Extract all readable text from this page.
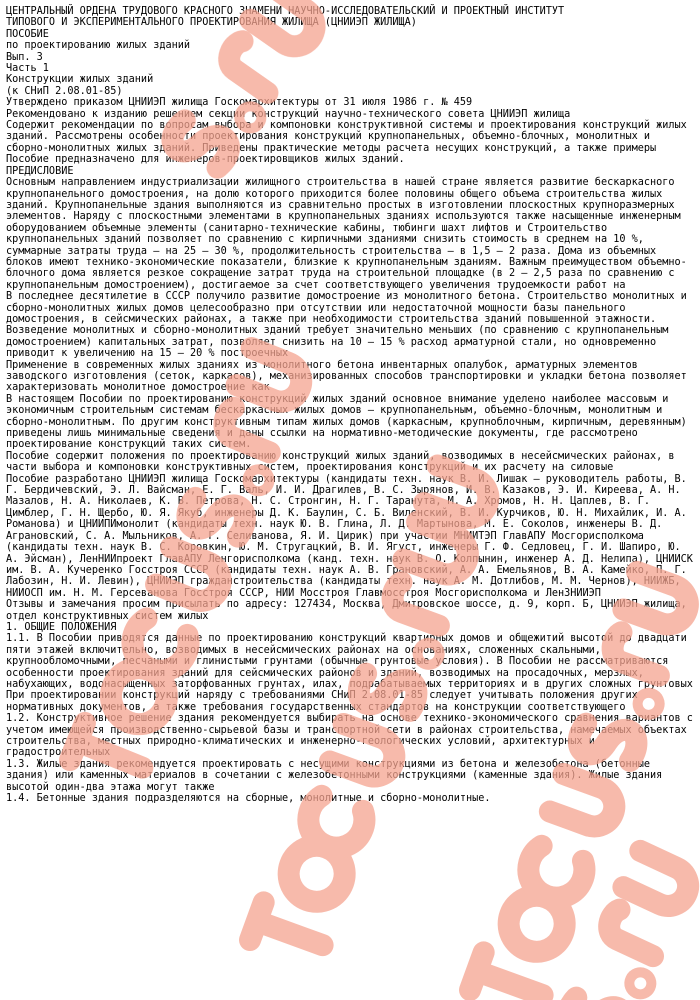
ЦЕНТРАЛЬНЫЙ ОРДЕНА ТРУДОВОГО КРАСНОГО ЗНАМЕНИ НАУЧНО-ИССЛЕДОВАТЕЛЬСКИЙ И ПРОЕКТНЫЙ ИНСТИТУТ
ТИПОВОГО И ЭКСПЕРИМЕНТАЛЬНОГО ПРОЕКТИРОВАНИЯ ЖИЛИЩА (ЦНИИЭП ЖИЛИЩА)
ПОСОБИЕ
по проектированию жилых зданий
Вып. 3
Часть 1
Конструкции жилых зданий
(к СНиП 2.08.01-85)
Утверждено приказом ЦНИИЭП жилища Госкомархитектуры от 31 июля 1986 г. № 459
Рекомендовано к изданию решением секции конструкций научно-технического совета ЦНИИЭП жилища
Содержит рекомендации по вопросам выбора и компоновки конструктивной системы и проектирования конструкций жилых зданий. Рассмотрены особенности проектирования конструкций крупнопанельных, объемно-блочных, монолитных и сборно-монолитных жилых зданий. Приведены практические методы расчета несущих конструкций, а также примеры
Пособие предназначено для инженеров-проектировщиков жилых зданий.
ПРЕДИСЛОВИЕ
Основным направлением индустриализации жилищного строительства в нашей стране является развитие бескаркасного крупнопанельного домостроения, на долю которого приходится более половины общего объема строительства жилых зданий. Крупнопанельные здания выполняются из сравнительно простых в изготовлении плоскостных крупноразмерных элементов. Наряду с плоскостными элементами в крупнопанельных зданиях используются также насыщенные инженерным оборудованием объемные элементы (санитарно-технические кабины, тюбинги шахт лифтов и Строительство крупнопанельных зданий позволяет по сравнению с кирпичными зданиями снизить стоимость в среднем на 10 %, суммарные затраты труда — на 25 — 30 %, продолжительность строительства — в 1,5 — 2 раза. Дома из объемных блоков имеют технико-экономические показатели, близкие к крупнопанельным зданиям. Важным преимуществом объемно-блочного дома является резкое сокращение затрат труда на строительной площадке (в 2 — 2,5 раза по сравнению с крупнопанельным домостроением), достигаемое за счет соответствующего увеличения трудоемкости работ на
В последнее десятилетие в СССР получило развитие домостроение из монолитного бетона. Строительство монолитных и сборно-монолитных жилых домов целесообразно при отсутствии или недостаточной мощности базы панельного домостроения, в сейсмических районах, а также при необходимости строительства зданий повышенной этажности. Возведение монолитных и сборно-монолитных зданий требует значительно меньших (по сравнению с крупнопанельным домостроением) капитальных затрат, позволяет снизить на 10 — 15 % расход арматурной стали, но одновременно приводит к увеличению на 15 — 20 % построечных
Применение в современных жилых зданиях из монолитного бетона инвентарных опалубок, арматурных элементов заводского изготовления (сеток, каркасов), механизированных способов транспортировки и укладки бетона позволяет характеризовать монолитное домостроение как
В настоящем Пособии по проектированию конструкций жилых зданий основное внимание уделено наиболее массовым и экономичным строительным системам бескаркасных жилых домов — крупнопанельным, объемно-блочным, монолитным и сборно-монолитным. По другим конструктивным типам жилых домов (каркасным, крупноблочным, кирпичным, деревянным) приведены лишь минимальные сведения и даны ссылки на нормативно-методические документы, где рассмотрено проектирование конструкций таких систем.
Пособие содержит положения по проектированию конструкций жилых зданий, возводимых в несейсмических районах, в части выбора и компоновки конструктивных систем, проектирования конструкций и их расчету на силовые
Пособие разработано ЦНИИЭП жилища Госкомархитектуры (кандидаты техн. наук В. И. Лишак — руководитель работы, В. Г. Бердичевский, Э. Л. Вайсман, Е. Г. Валь, И. И. Драгилев, В. С. Зырянов, И. В. Казаков, Э. И. Киреева, А. Н. Мазалов, Н. А. Николаев, К. В. Петрова, Н. С. Стронгин, Н. Г. Таранута, М. А. Хромов, Н. Н. Цаплев, В. Г. Цимблер, Г. Н. Щербо, Ю. Я. Якуб, инженеры Д. К. Баулин, С. Б. Виленский, В. И. Курчиков, Ю. Н. Михайлик, И. А. Романова) и ЦНИИПИмонолит (кандидаты техн. наук Ю. В. Глина, Л. Д. Мартынова, М. Е. Соколов, инженеры В. Д. Аграновский, С. А. Мыльников, А. Г. Селиванова, Я. И. Цирик) при участии МНИИТЭП ГлавАПУ Мосгорисполкома (кандидаты техн. наук В. С. Коровкин, Ю. М. Стругацкий, В. И. Ягуст, инженеры Г. Ф. Седловец, Г. И. Шапиро, Ю. А. Эйсман), ЛенНИИпроект ГлавАПУ Ленгорисполкома (канд. техн. наук В. О. Колпынин, инженер А. Д. Нелипа), ЦНИИСК им. В. А. Кучеренко Госстроя СССР (кандидаты техн. наук А. В. Грановский, А. А. Емельянов, В. А. Камейко, П. Г. Лабозин, Н. И. Левин), ЦНИИЭП гражданстроительства (кандидаты техн. наук А. М. Дотлибов, М. М. Чернов), НИИЖБ, НИИОСП им. Н. М. Герсеванова Госстроя СССР, НИИ Мосстроя Главмосстроя Мосгорисполкома и ЛенЗНИИЭП
Отзывы и замечания просим присылать по адресу: 127434, Москва, Дмитровское шоссе, д. 9, корп. Б, ЦНИИЭП жилища, отдел конструктивных систем жилых
1. ОБЩИЕ ПОЛОЖЕНИЯ
1.1. В Пособии приводятся данные по проектированию конструкций квартирных домов и общежитий высотой до двадцати пяти этажей включительно, возводимых в несейсмических районах на основаниях, сложенных скальными, крупнообломочными, песчаными и глинистыми грунтами (обычные грунтовые условия). В Пособии не рассматриваются особенности проектирования зданий для сейсмических районов и зданий, возводимых на просадочных, мерзлых, набухающих, водонасыщенных заторфованных грунтах, илах, подрабатываемых территориях и в других сложных грунтовых При проектировании конструкций наряду с требованиями СНиП 2.08.01-85 следует учитывать положения других нормативных документов, а также требования государственных стандартов на конструкции соответствующего
1.2. Конструктивное решение здания рекомендуется выбирать на основе технико-экономического сравнения вариантов с учетом имеющейся производственно-сырьевой базы и транспортной сети в районах строительства, намечаемых объектах строительства, местных природно-климатических и инженерно-геологических условий, архитектурных и градостроительных
1.3. Жилые здания рекомендуется проектировать с несущими конструкциями из бетона и железобетона (бетонные здания) или каменных материалов в сочетании с железобетонными конструкциями (каменные здания). Жилые здания высотой один-два этажа могут также
1.4. Бетонные здания подразделяются на сборные, монолитные и сборно-монолитные.
